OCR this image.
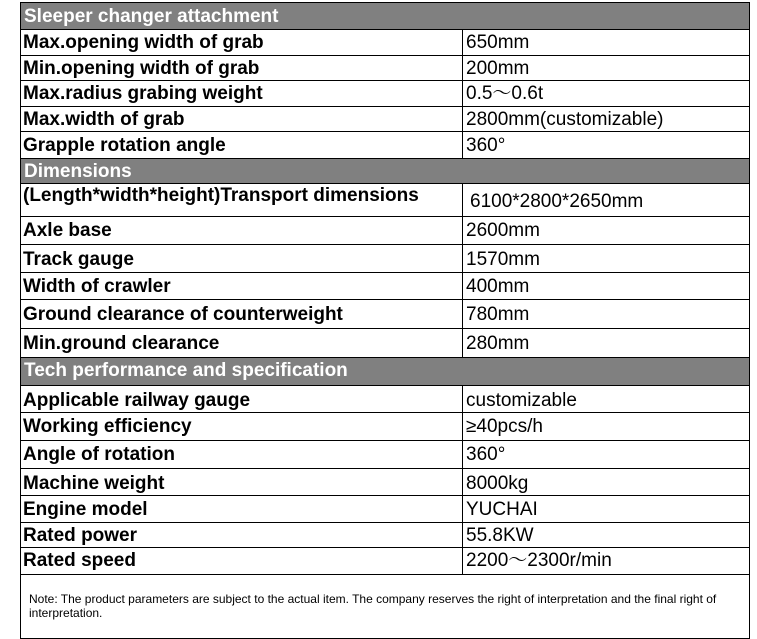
Sleeper changer attachment
Max.opening width of grab	650mm
Min.opening width of grab	200mm
Max.radius grabing weight	0.5～0.6t
Max.width of grab	2800mm(customizable)
Grapple rotation angle	360°
Dimensions
(Length*width*height)Transport dimensions	6100*2800*2650mm
Axle base	2600mm
Track gauge	1570mm
Width of crawler	400mm
Ground clearance of counterweight	780mm
Min.ground clearance	280mm
Tech performance and specification
Applicable railway gauge	customizable
Working efficiency	≥40pcs/h
Angle of rotation	360°
Machine weight	8000kg
Engine model	YUCHAI
Rated power	55.8KW
Rated speed	2200～2300r/min
Note: The product parameters are subject to the actual item. The company reserves the right of interpretation and the final right of interpretation.
